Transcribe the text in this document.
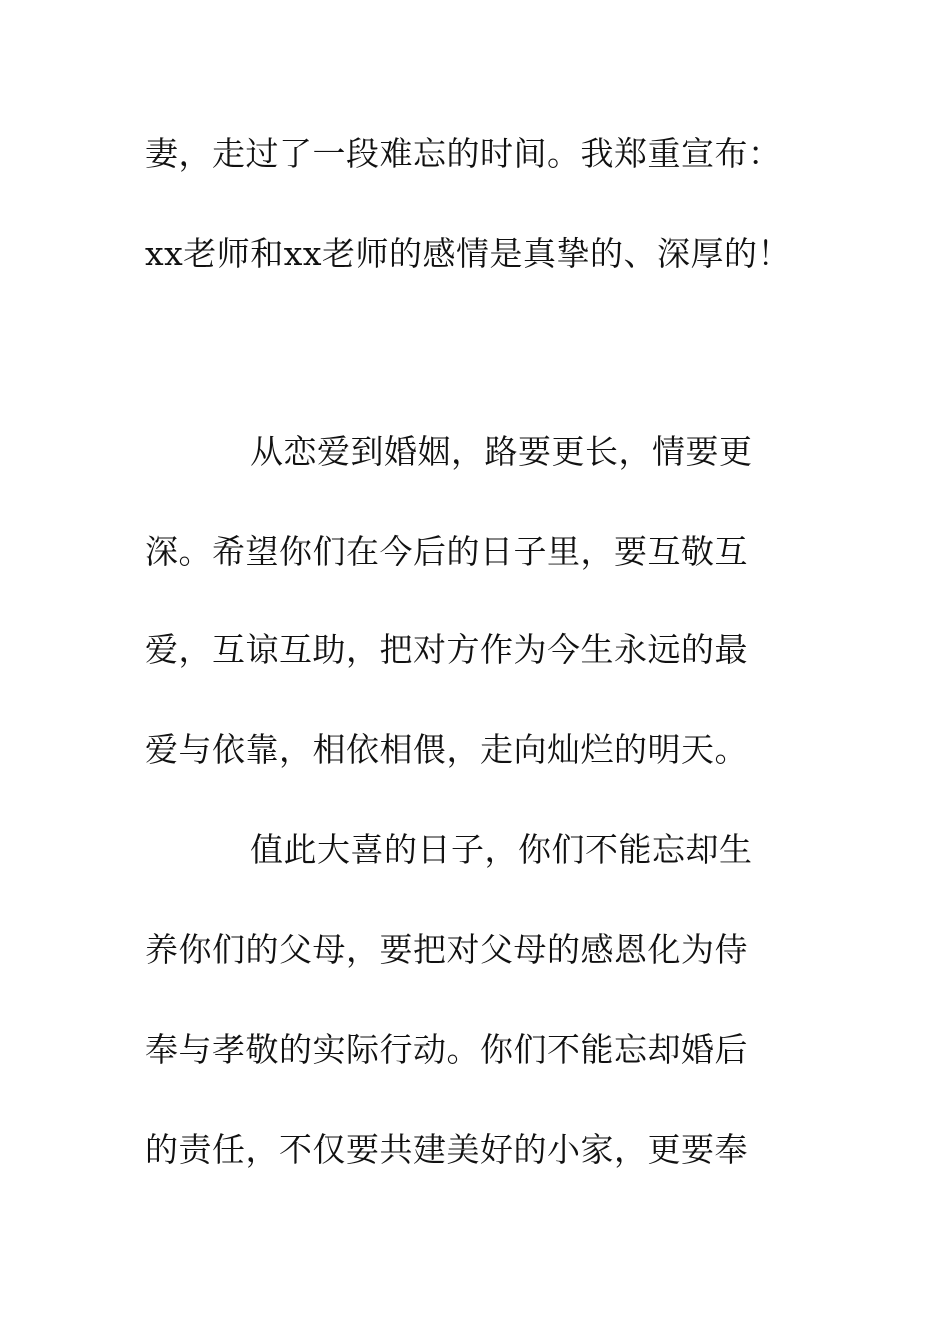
妻，走过了一段难忘的时间。我郑重宣布：
xx老师和xx老师的感情是真挚的、深厚的！
从恋爱到婚姻，路要更长，情要更
深。希望你们在今后的日子里，要互敬互
爱，互谅互助，把对方作为今生永远的最
爱与依靠，相依相偎，走向灿烂的明天。
值此大喜的日子，你们不能忘却生
养你们的父母，要把对父母的感恩化为侍
奉与孝敬的实际行动。你们不能忘却婚后
的责任，不仅要共建美好的小家，更要奉
